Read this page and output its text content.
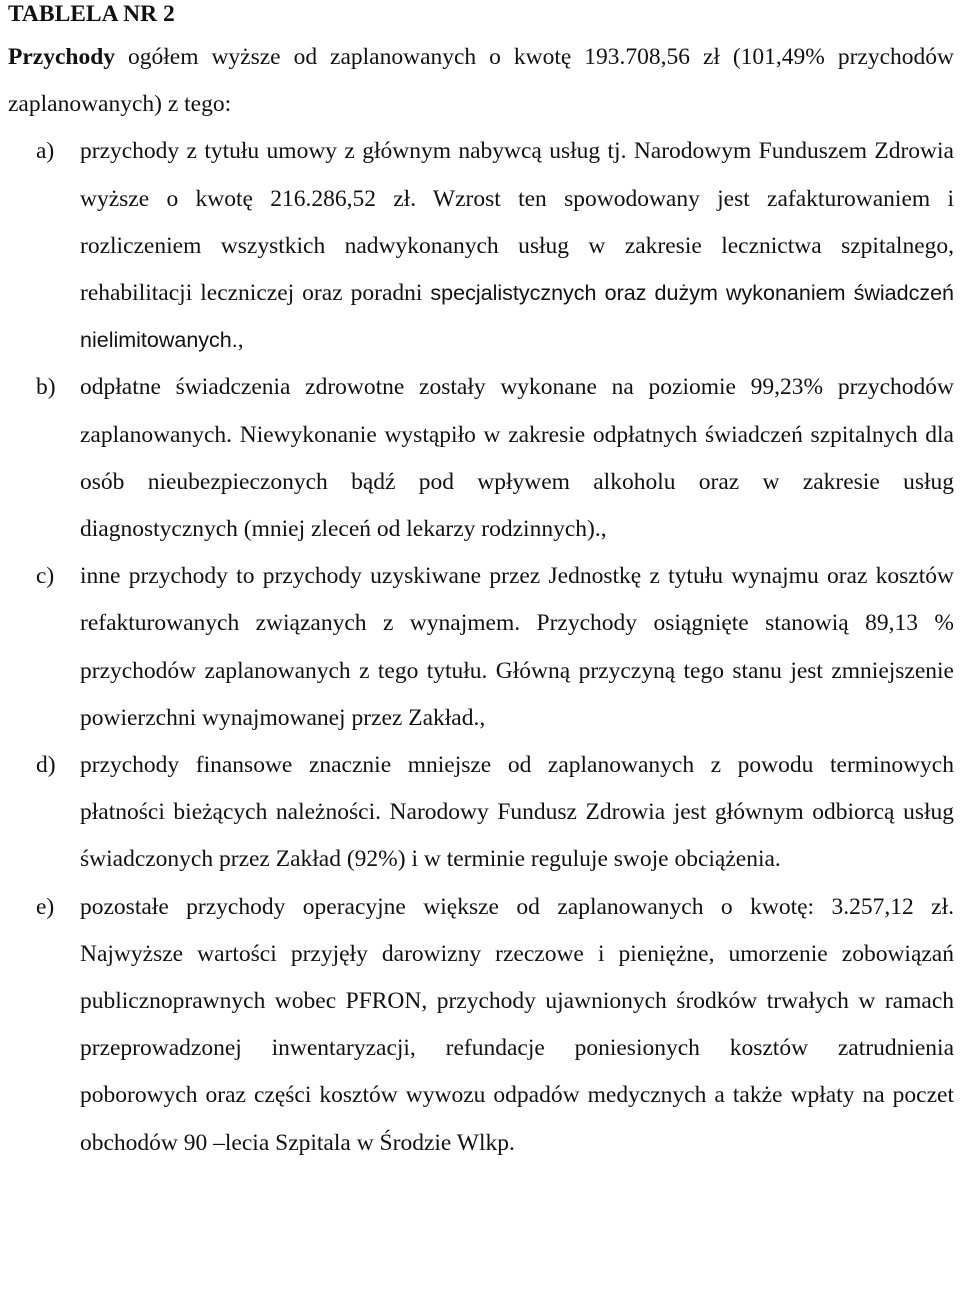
TABLELA NR 2

Przychody ogółem wyższe od zaplanowanych o kwotę 193.708,56 zł (101,49% przychodów zaplanowanych) z tego:

a) przychody z tytułu umowy z głównym nabywcą usług tj. Narodowym Funduszem Zdrowia wyższe o kwotę 216.286,52 zł. Wzrost ten spowodowany jest zafakturowaniem i rozliczeniem wszystkich nadwykonanych usług w zakresie lecznictwa szpitalnego, rehabilitacji leczniczej oraz poradni specjalistycznych oraz dużym wykonaniem świadczeń nielimitowanych.,
b) odpłatne świadczenia zdrowotne zostały wykonane na poziomie 99,23% przychodów zaplanowanych. Niewykonanie wystąpiło w zakresie odpłatnych świadczeń szpitalnych dla osób nieubezpieczonych bądź pod wpływem alkoholu oraz w zakresie usług diagnostycznych (mniej zleceń od lekarzy rodzinnych).,
c) inne przychody to przychody uzyskiwane przez Jednostkę z tytułu wynajmu oraz kosztów refakturowanych związanych z wynajmem. Przychody osiągnięte stanowią 89,13 % przychodów zaplanowanych z tego tytułu. Główną przyczyną tego stanu jest zmniejszenie powierzchni wynajmowanej przez Zakład.,
d) przychody finansowe znacznie mniejsze od zaplanowanych z powodu terminowych płatności bieżących należności. Narodowy Fundusz Zdrowia jest głównym odbiorcą usług świadczonych przez Zakład (92%) i w terminie reguluje swoje obciążenia.
e) pozostałe przychody operacyjne większe od zaplanowanych o kwotę: 3.257,12 zł. Najwyższe wartości przyjęły darowizny rzeczowe i pieniężne, umorzenie zobowiązań publicznoprawnych wobec PFRON, przychody ujawnionych środków trwałych w ramach przeprowadzonej inwentaryzacji, refundacje poniesionych kosztów zatrudnienia poborowych oraz części kosztów wywozu odpadów medycznych a także wpłaty na poczet obchodów 90 –lecia Szpitala w Środzie Wlkp.
